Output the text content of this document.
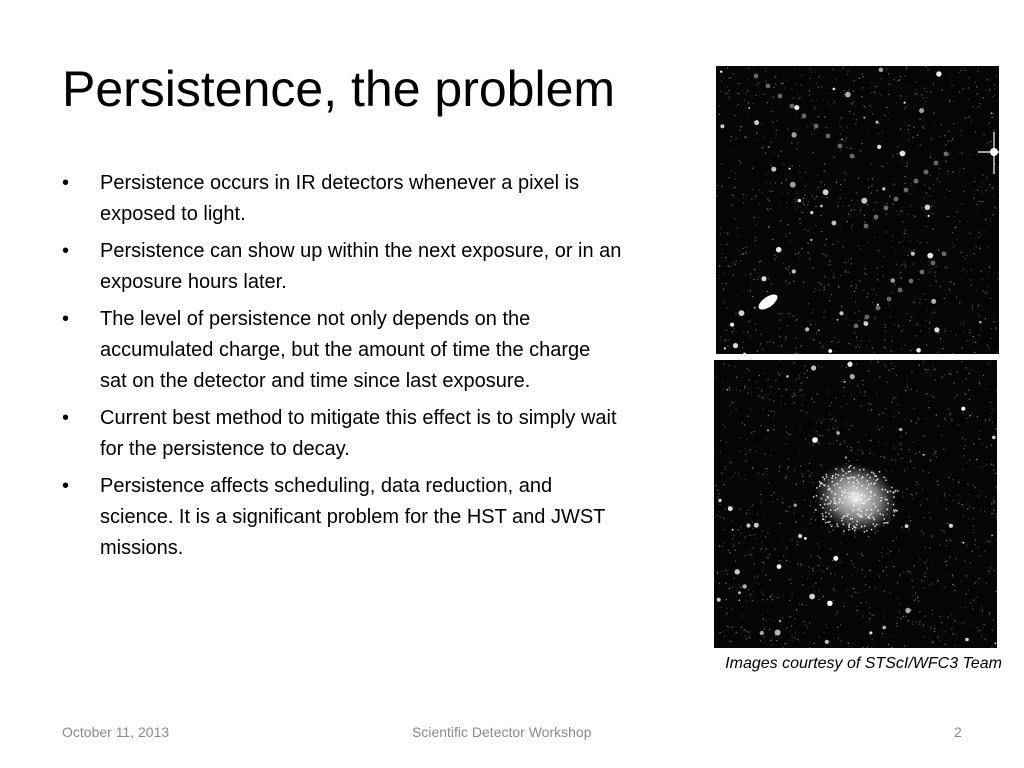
Persistence, the problem
• Persistence occurs in IR detectors whenever a pixel is exposed to light.
• Persistence can show up within the next exposure, or in an exposure hours later.
• The level of persistence not only depends on the accumulated charge, but the amount of time the charge sat on the detector and time since last exposure.
• Current best method to mitigate this effect is to simply wait for the persistence to decay.
• Persistence affects scheduling, data reduction, and science. It is a significant problem for the HST and JWST missions.
Images courtesy of STScI/WFC3 Team
October 11, 2013	Scientific Detector Workshop	2
